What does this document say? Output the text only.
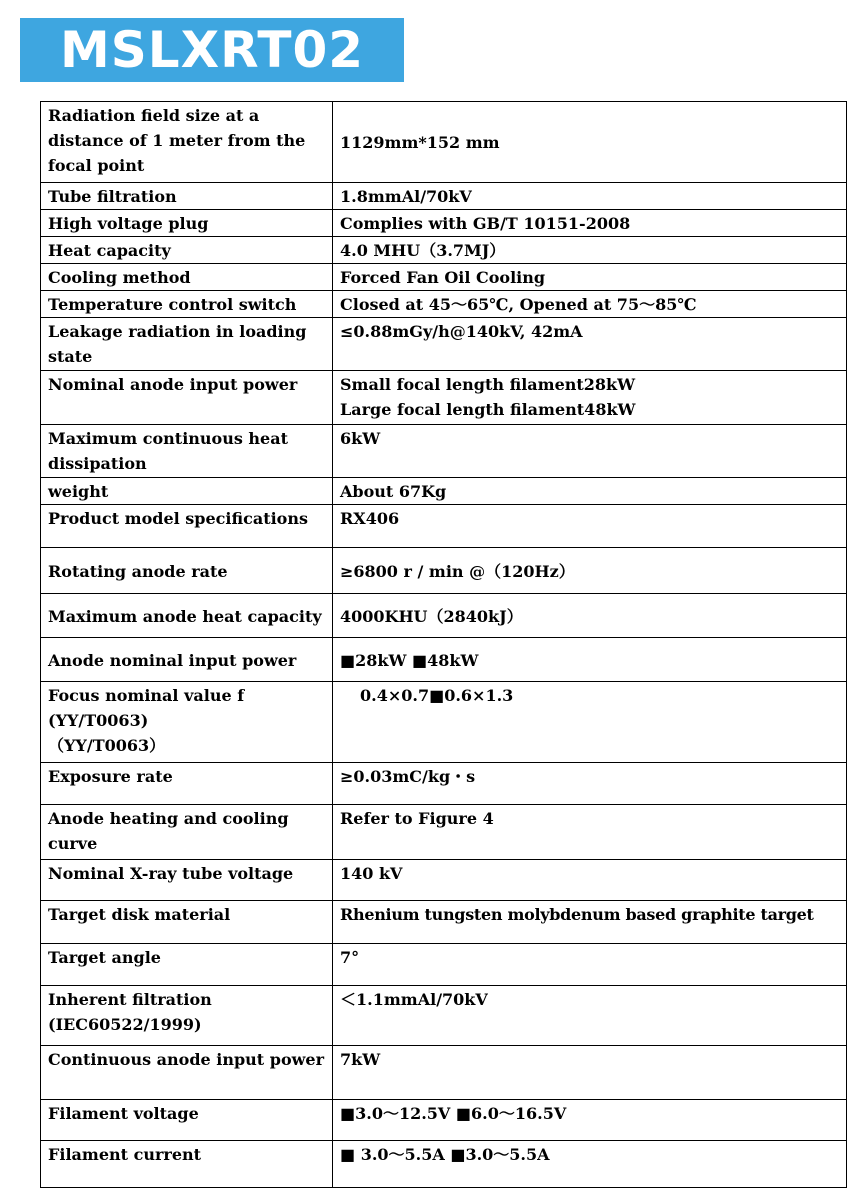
MSLXRT02
Radiation field size at a distance of 1 meter from the focal point	1129mm*152 mm
Tube filtration	1.8mmAl/70kV
High voltage plug	Complies with GB/T 10151-2008
Heat capacity	4.0 MHU（3.7MJ）
Cooling method	Forced Fan Oil Cooling
Temperature control switch	Closed at 45～65℃, Opened at 75～85℃
Leakage radiation in loading state	≤0.88mGy/h@140kV, 42mA
Nominal anode input power	Small focal length filament28kW
Large focal length filament48kW
Maximum continuous heat dissipation	6kW
weight	About 67Kg
Product model specifications	RX406
Rotating anode rate	≥6800 r / min @（120Hz）
Maximum anode heat capacity	4000KHU（2840kJ）
Anode nominal input power	■28kW ■48kW
Focus nominal value f (YY/T0063)
（YY/T0063）	0.4×0.7■0.6×1.3
Exposure rate	≥0.03mC/kg・s
Anode heating and cooling curve	Refer to Figure 4
Nominal X-ray tube voltage	140 kV
Target disk material	Rhenium tungsten molybdenum based graphite target
Target angle	7°
Inherent filtration (IEC60522/1999)	＜1.1mmAl/70kV
Continuous anode input power	7kW
Filament voltage	■3.0～12.5V ■6.0～16.5V
Filament current	■ 3.0～5.5A ■3.0～5.5A
